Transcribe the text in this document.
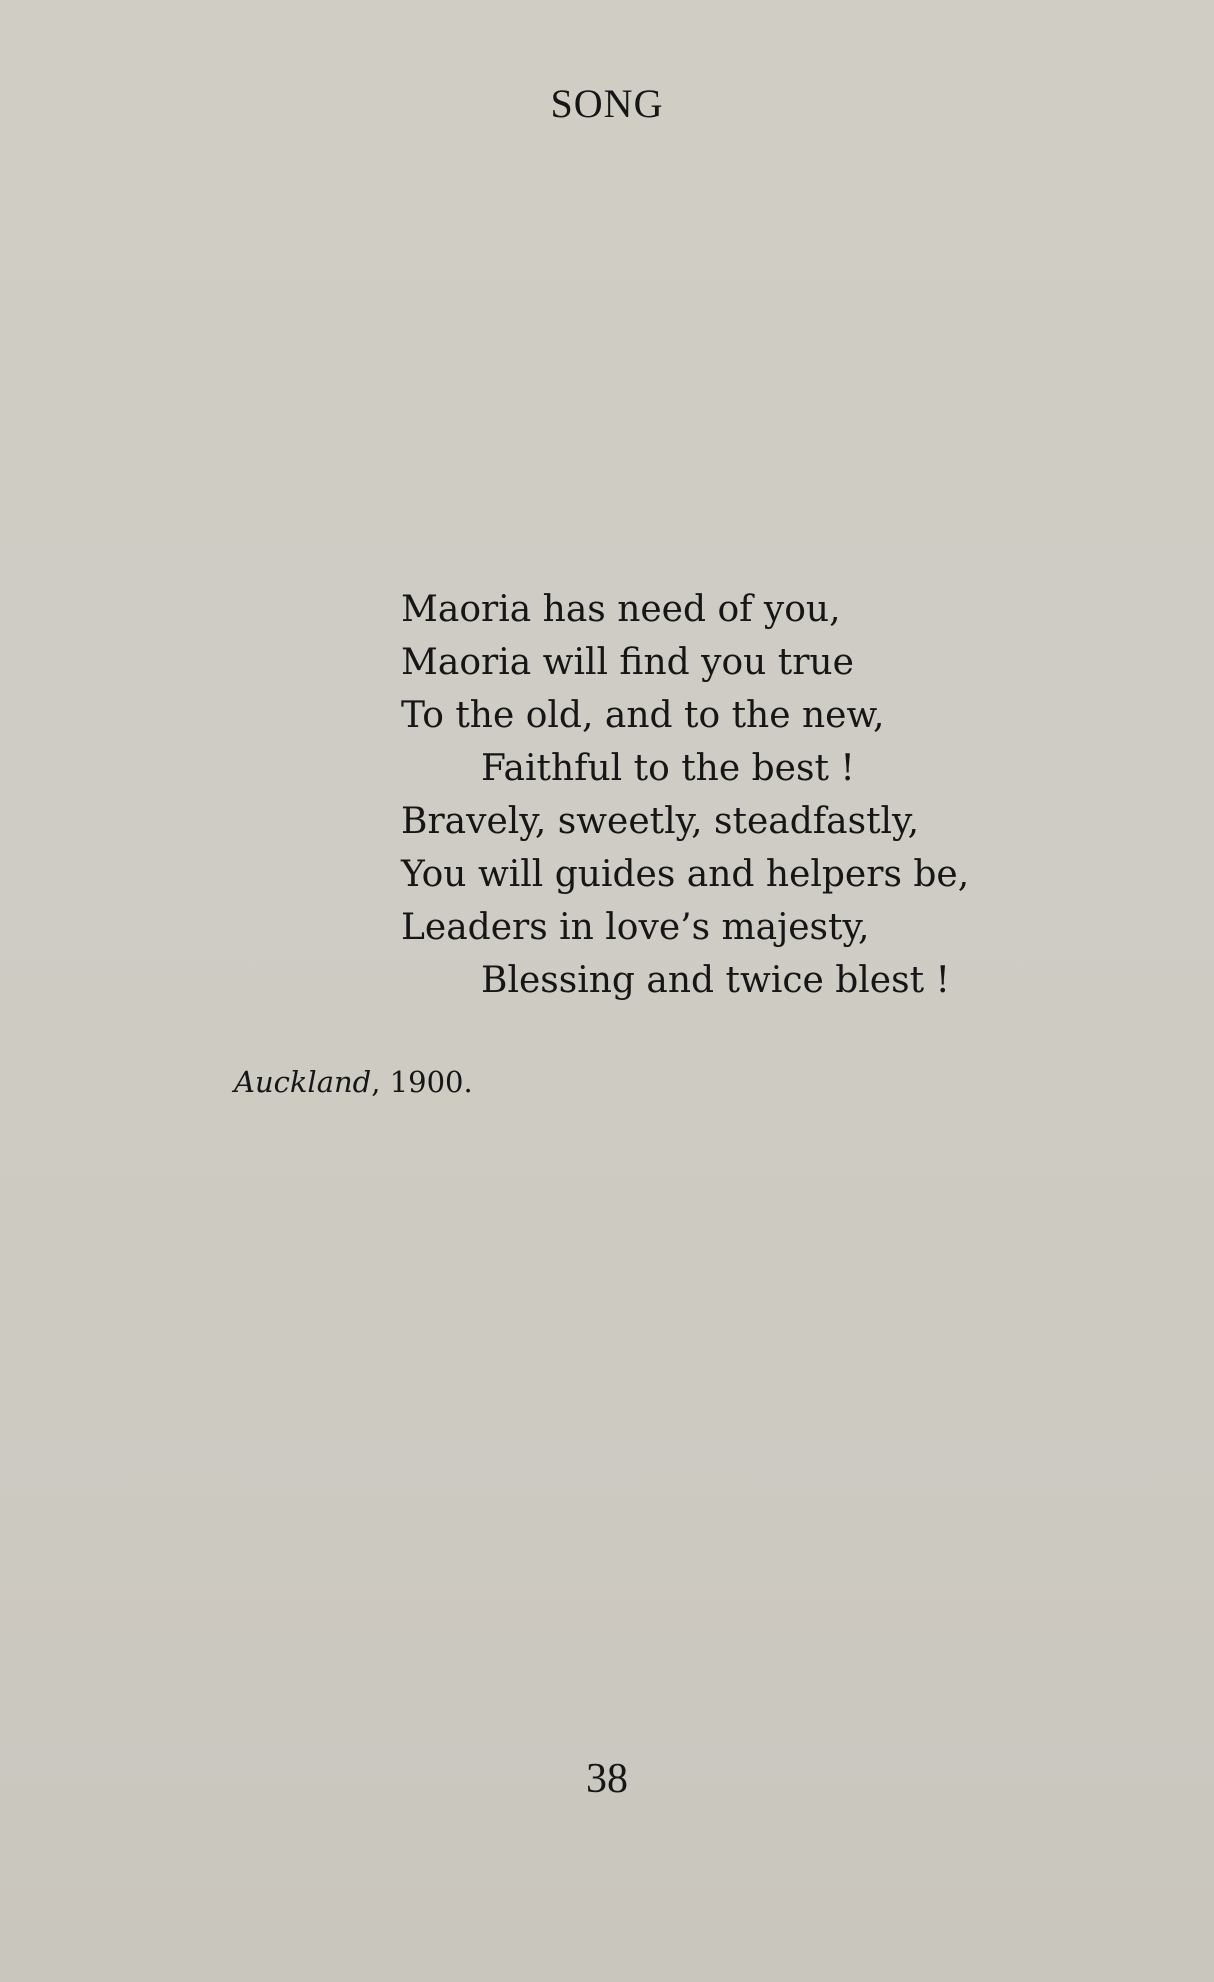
SONG
Maoria has need of you,
Maoria will find you true
To the old, and to the new,
Faithful to the best !
Bravely, sweetly, steadfastly,
You will guides and helpers be,
Leaders in love’s majesty,
Blessing and twice blest !
Auckland, 1900.
38
